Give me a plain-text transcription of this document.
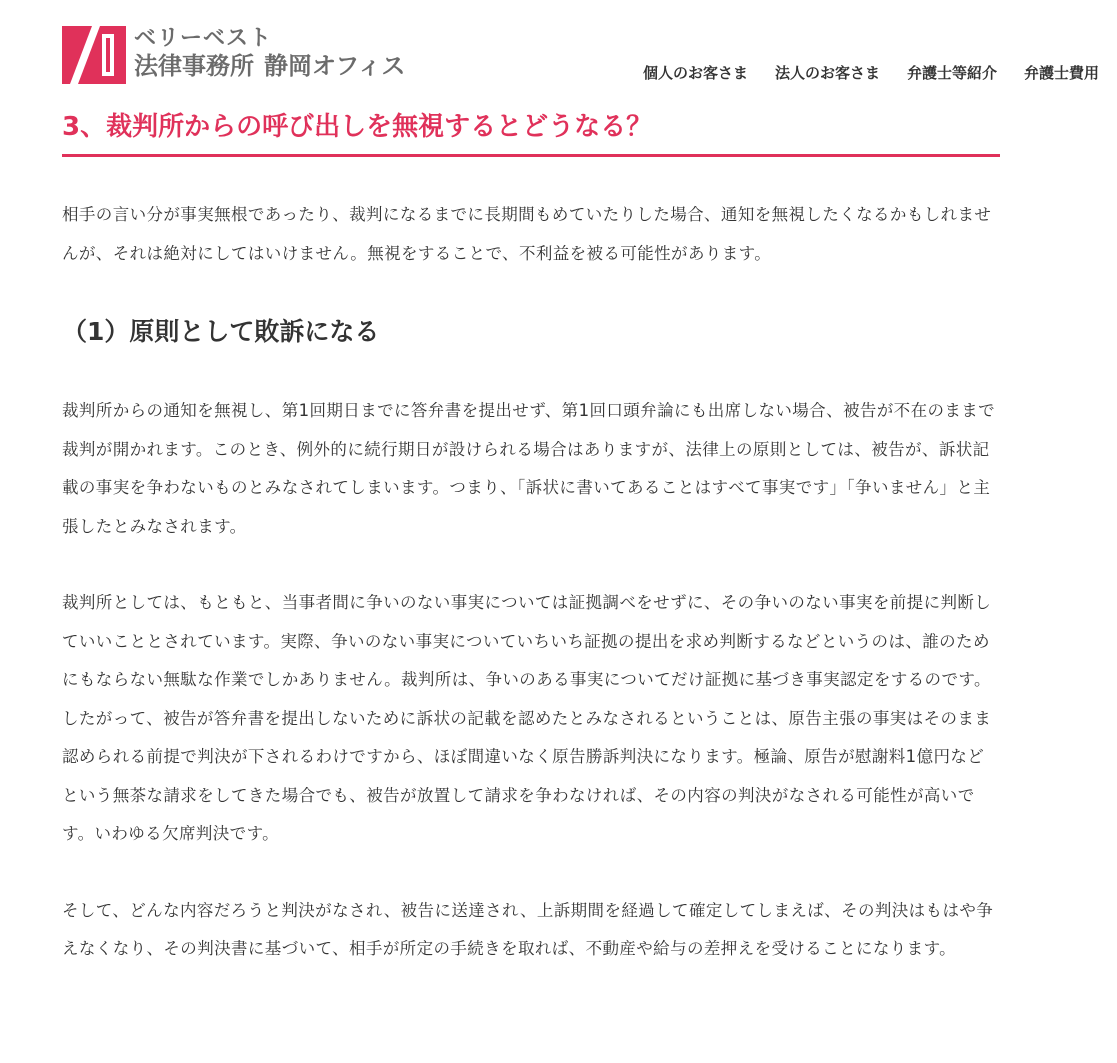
ベリーベスト
法律事務所 静岡オフィス	個人のお客さま 法人のお客さま 弁護士等紹介 弁護士費用
3、裁判所からの呼び出しを無視するとどうなる？

相手の言い分が事実無根であったり、裁判になるまでに長期間もめていたりした場合、通知を無視したくなるかもしれませんが、それは絶対にしてはいけません。無視をすることで、不利益を被る可能性があります。

（1）原則として敗訴になる

裁判所からの通知を無視し、第1回期日までに答弁書を提出せず、第1回口頭弁論にも出席しない場合、被告が不在のままで裁判が開かれます。このとき、例外的に続行期日が設けられる場合はありますが、法律上の原則としては、被告が、訴状記載の事実を争わないものとみなされてしまいます。つまり、「訴状に書いてあることはすべて事実です」「争いません」と主張したとみなされます。

裁判所としては、もともと、当事者間に争いのない事実については証拠調べをせずに、その争いのない事実を前提に判断していいこととされています。実際、争いのない事実についていちいち証拠の提出を求め判断するなどというのは、誰のためにもならない無駄な作業でしかありません。裁判所は、争いのある事実についてだけ証拠に基づき事実認定をするのです。したがって、被告が答弁書を提出しないために訴状の記載を認めたとみなされるということは、原告主張の事実はそのまま認められる前提で判決が下されるわけですから、ほぼ間違いなく原告勝訴判決になります。極論、原告が慰謝料1億円などという無茶な請求をしてきた場合でも、被告が放置して請求を争わなければ、その内容の判決がなされる可能性が高いです。いわゆる欠席判決です。

そして、どんな内容だろうと判決がなされ、被告に送達され、上訴期間を経過して確定してしまえば、その判決はもはや争えなくなり、その判決書に基づいて、相手が所定の手続きを取れば、不動産や給与の差押えを受けることになります。
